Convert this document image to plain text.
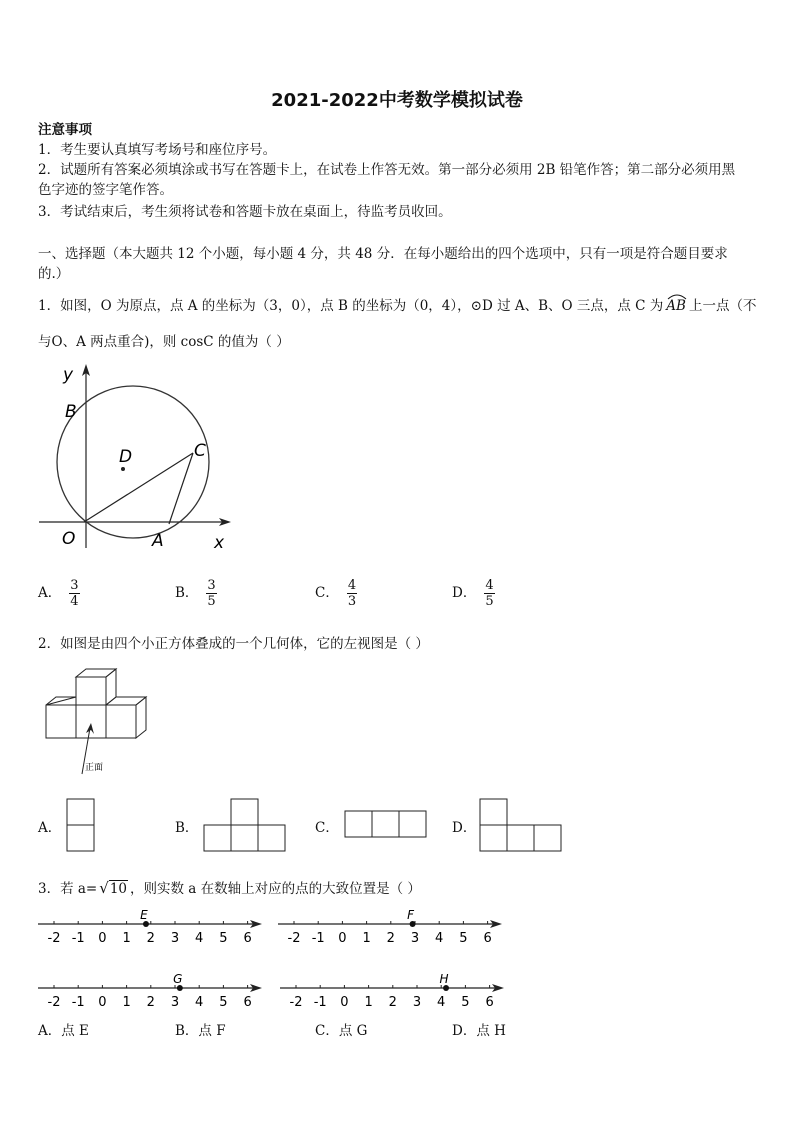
2021-2022中考数学模拟试卷
注意事项
1．考生要认真填写考场号和座位序号。
2．试题所有答案必须填涂或书写在答题卡上，在试卷上作答无效。第一部分必须用 2B 铅笔作答；第二部分必须用黑
色字迹的签字笔作答。
3．考试结束后，考生须将试卷和答题卡放在桌面上，待监考员收回。
一、选择题（本大题共 12 个小题，每小题 4 分，共 48 分．在每小题给出的四个选项中，只有一项是符合题目要求
的.）
1．如图，O 为原点，点 A 的坐标为（3，0），点 B 的坐标为（0，4），⊙D 过 A、B、O 三点，点 C 为 AB 上一点（不
与O、A 两点重合)，则 cosC 的值为（ ）
y
x
B
D	C
O	A
A． $\frac{3}{4}$	B． $\frac{3}{5}$	C． $\frac{4}{3}$	D． $\frac{4}{5}$
2．如图是由四个小正方体叠成的一个几何体，它的左视图是（ ）
正面
A．	B．	C．	D．
3．若 a= √10 ，则实数 a 在数轴上对应的点的大致位置是（ ）
-2 -1 0 1 2 3 4 5 6
E
-2 -1 0 1 2 3 4 5 6
F
-2 -1 0 1 2 3 4 5 6
G
-2 -1 0 1 2 3 4 5 6
H
A．点 E	B．点 F	C．点 G	D．点 H
